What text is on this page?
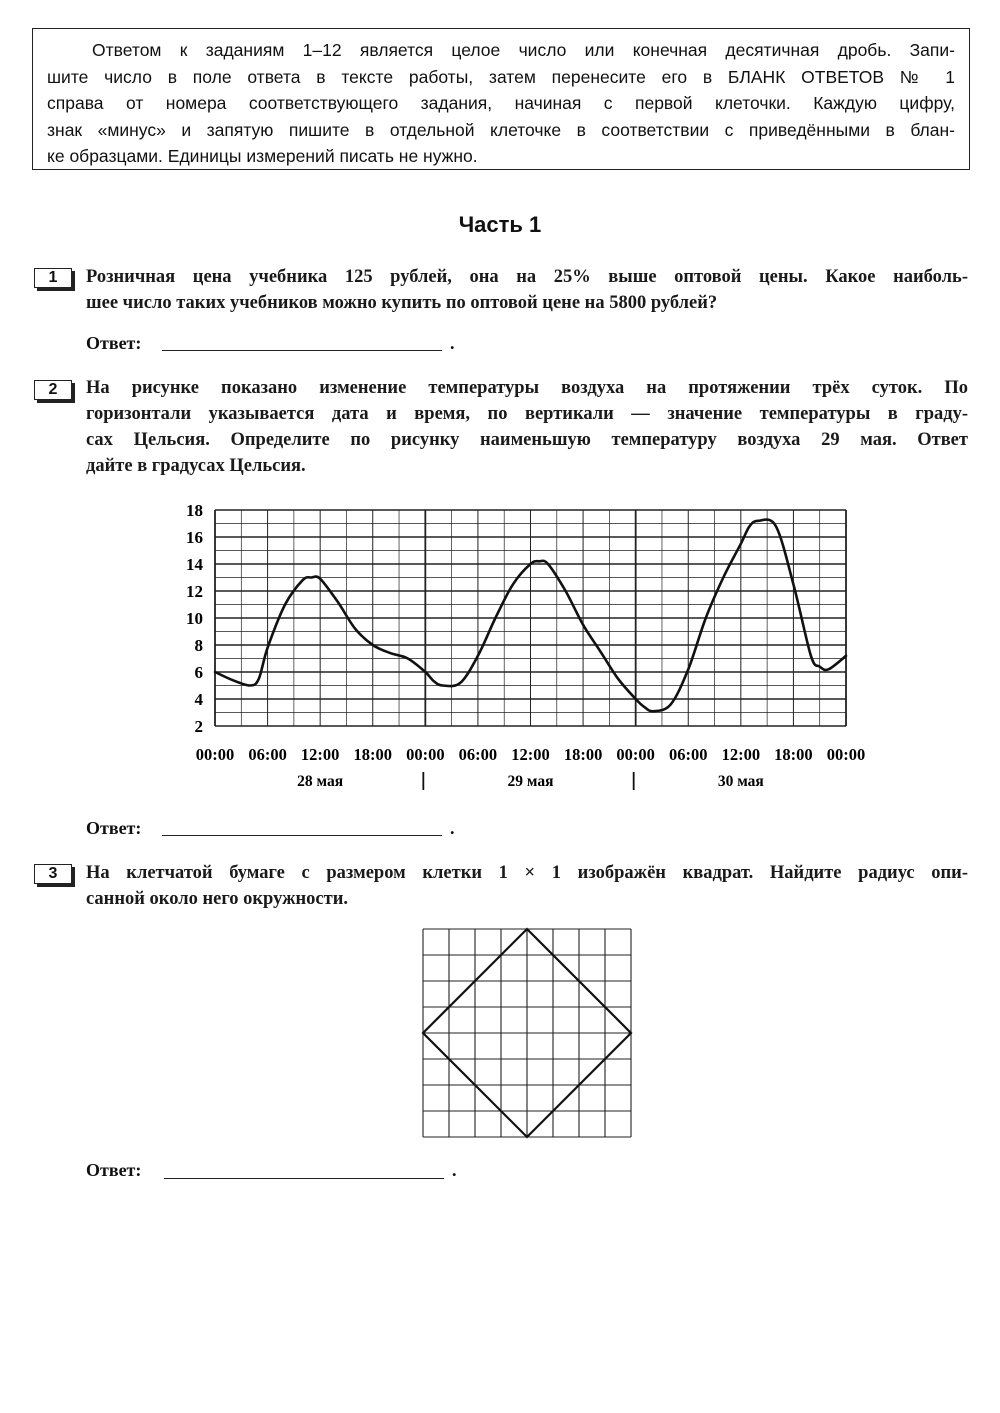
Ответом к заданиям 1–12 является целое число или конечная десятичная дробь. Запи-
шите число в поле ответа в тексте работы, затем перенесите его в БЛАНК ОТВЕТОВ № 1
справа от номера соответствующего задания, начиная с первой клеточки. Каждую цифру,
знак «минус» и запятую пишите в отдельной клеточке в соответствии с приведёнными в блан-
ке образцами. Единицы измерений писать не нужно.
Часть 1
1	Розничная цена учебника 125 рублей, она на 25% выше оптовой цены. Какое наиболь-
шее число таких учебников можно купить по оптовой цене на 5800 рублей?
Ответ:	.
2	На рисунке показано изменение температуры воздуха на протяжении трёх суток. По
горизонтали указывается дата и время, по вертикали — значение температуры в граду-
сах Цельсия. Определите по рисунку наименьшую температуру воздуха 29 мая. Ответ
дайте в градусах Цельсия.
2
4
6
8
10
12
14
16
18
00:00 06:00 12:00 18:00 00:00 06:00 12:00 18:00 00:00 06:00 12:00 18:00 00:00
28 мая	29 мая	30 мая
Ответ:	.
3	На клетчатой бумаге с размером клетки 1 × 1 изображён квадрат. Найдите радиус опи-
санной около него окружности.
Ответ:	.
